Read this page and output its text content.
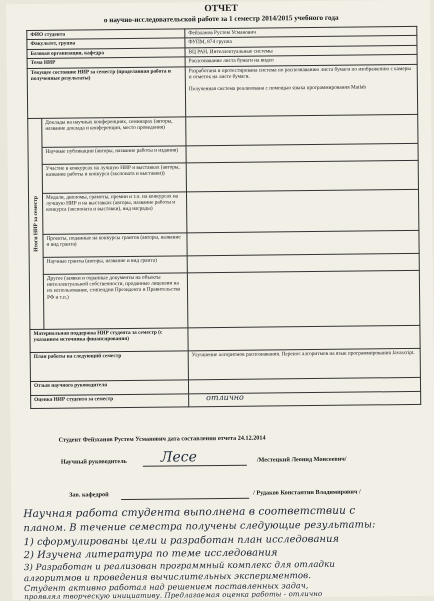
ОТЧЕТ
о научно-исследовательской работе за 1 семестр 2014/2015 учебного года
ФИО студента		Фейзханов Рустем Усманович
Факультет, группа		ФУПМ, 874 группа
Базовая организация, кафедра		ВЦ РАН, Интеллектуальные системы
Тема НИР		Распознавание листа бумаги на видео
Текущее состояние НИР за семестр (проделанная работа и полученные результаты)		Разработана и протестирована система по распознаванию листа бумаги по изображению с камеры и отметок на листе бумаги.
Полученная система реализована с помощью языка программирования Matlab

Итоги НИР за семестр	Доклады на научных конференциях, семинарах (авторы, название доклада и конференции, место проведения)	
	Научные публикации (авторы, название работы и издания)	
	Участие в конкурсах на лучшую НИР и выставках (авторы, название работы и конкурса (экспоната и выставки))	
	Медали, дипломы, грамоты, премии и т.п. на конкурсах на лучшую НИР и на выставках (авторы, название работы и конкурса (экспоната и выставки), вид награды)	
	Проекты, поданные на конкурсы грантов (авторы, название и вид гранта)	
	Научные гранты (авторы, название и вид гранта)	
	Другое (заявки и охранные документы на объекты интеллектуальной собственности, проданные лицензии на их использование, стипендии Президента и Правительства РФ и т.п.)	
Материальная поддержка НИР студента за семестр (с указанием источника финансирования)		
План работы на следующий семестр		Улучшение алгоритмов распознавания. Перенос алгоритмов на язык программирования Javascript.
Отзыв научного руководителя		
Оценка НИР студента за семестр		отлично
Студент Фейзханов Рустем Усманович дата составления отчета 24.12.2014
Научный руководитель Лесе	/Местецкий Леонид Моисеевич/
Зав. кафедрой	/ Рудаков Константин Владимирович /
Научная работа студента выполнена в соответствии с
планом. В течение семестра получены следующие результаты:
1) сформулированы цели и разработан план исследования
2) Изучена литература по теме исследования
3) Разработан и реализован программный комплекс для отладки
алгоритмов и проведения вычислительных экспериментов.
Студент активно работал над решением поставленных задач,
проявлял творческую инициативу. Предлагаемая оценка работы - отлично
